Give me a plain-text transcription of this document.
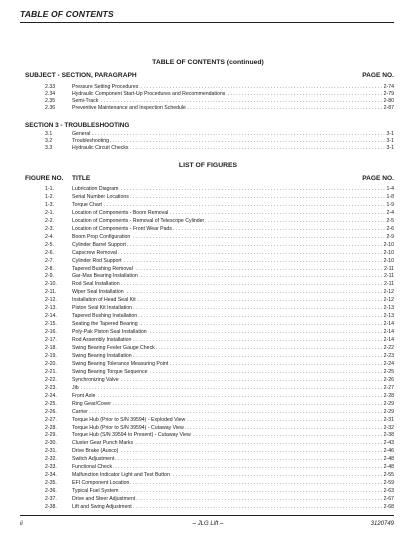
TABLE OF CONTENTS
TABLE OF CONTENTS (continued)
SUBJECT - SECTION, PARAGRAPH	PAGE NO.
2.33	Pressure Setting Procedures . . .	2-74
2.34	Hydraulic Component Start-Up Procedures and Recommendations . . .	2-79
2.35	Semi-Track . . .	2-80
2.36	Preventive Maintenance and Inspection Schedule . . .	2-87
SECTION 3 - TROUBLESHOOTING
3.1	General . . .	3-1
3.2	Troubleshooting . . .	3-1
3.3	Hydraulic Circuit Checks . . .	3-1
LIST OF FIGURES
FIGURE NO. TITLE	PAGE NO.
1-1.	Lubrication Diagram . . .	1-4
1-2.	Serial Number Locations . . .	1-8
1-3.	Torque Chart . . .	1-9
2-1.	Location of Components - Boom Removal . . .	2-4
2-2.	Location of Components - Removal of Telescope Cylinder . . .	2-5
2-3.	Location of Components - Front Wear Pads . . .	2-6
2-4.	Boom Prop Configuration . . .	2-9
2-5.	Cylinder Barrel Support . . .	2-10
2-6.	Capscrew Removal . . .	2-10
2-7.	Cylinder Rod Support . . .	2-10
2-8.	Tapered Bushing Removal . . .	2-11
2-9.	Gar-Max Bearing Installation . . .	2-11
2-10.	Rod Seal Installation . . .	2-11
2-11.	Wiper Seal Installation . . .	2-12
2-12.	Installation of Head Seal Kit . . .	2-12
2-13.	Piston Seal Kit Installation . . .	2-13
2-14.	Tapered Bushing Installation . . .	2-13
2-15.	Seating the Tapered Bearing . . .	2-14
2-16.	Poly-Pak Piston Seal Installation . . .	2-14
2-17.	Rod Assembly Installation . . .	2-14
2-18.	Swing Bearing Feeler Gauge Check . . .	2-22
2-19.	Swing Bearing Installation . . .	2-23
2-20.	Swing Bearing Tolerance Measuring Point . . .	2-24
2-21.	Swing Bearing Torque Sequence . . .	2-25
2-22.	Synchronizing Valve . . .	2-26
2-23.	Jib . . .	2-27
2-24.	Front Axle . . .	2-28
2-25.	Ring Gear/Cover . . .	2-29
2-26.	Carrier . . .	2-29
2-27.	Torque Hub (Prior to S/N 39594) - Exploded View . . .	2-31
2-28.	Torque Hub (Prior to S/N 39594) - Cutaway View . . .	2-32
2-29.	Torque Hub (S/N 39594 to Present) - Cutaway View . . .	2-38
2-30.	Cluster Gear Punch Marks . . .	2-43
2-31.	Drive Brake (Ausco) . . .	2-46
2-32.	Switch Adjustment . . .	2-48
2-33.	Functional Check . . .	2-48
2-34.	Malfunction Indicator Light and Test Button . . .	2-55
2-35.	EFI Component Location . . .	2-59
2-36.	Typical Fuel System . . .	2-63
2-37.	Drive and Steer Adjustment . . .	2-67
2-38.	Lift and Swing Adjustment . . .	2-68
ii	– JLG Lift –	3120749
